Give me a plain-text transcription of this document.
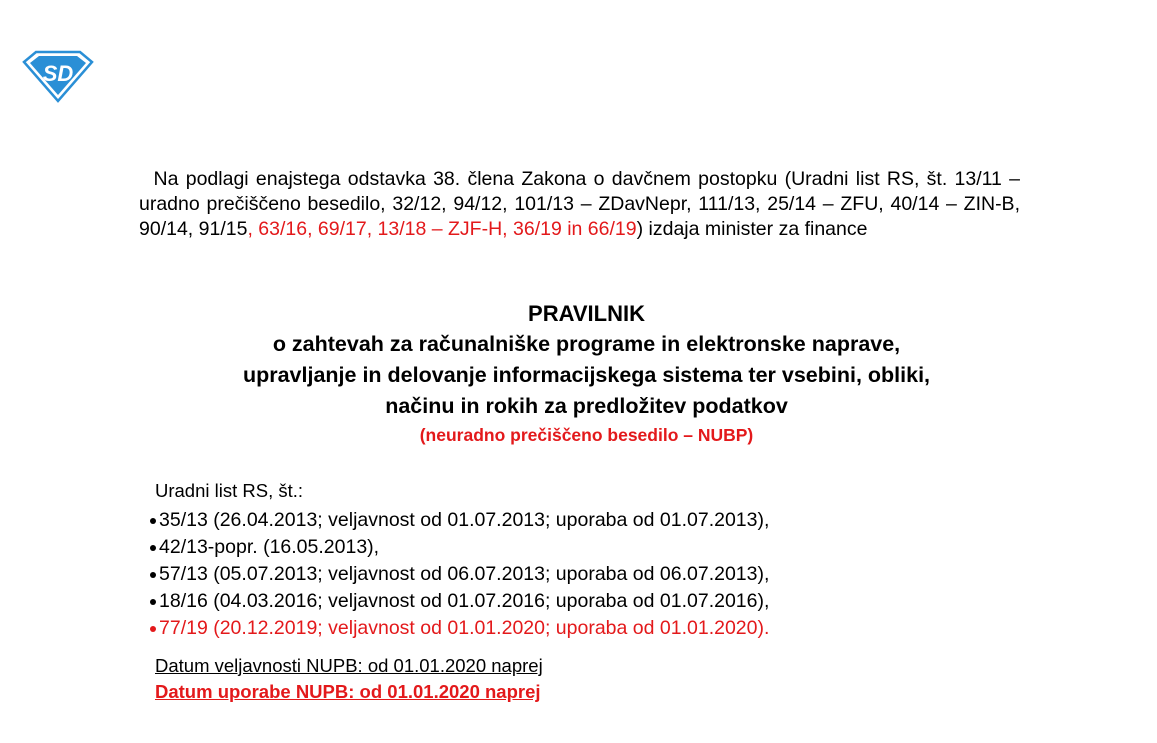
SD
Na podlagi enajstega odstavka 38. člena Zakona o davčnem postopku (Uradni list RS, št. 13/11 – uradno prečiščeno besedilo, 32/12, 94/12, 101/13 – ZDavNepr, 111/13, 25/14 – ZFU, 40/14 – ZIN-B, 90/14, 91/15, 63/16, 69/17, 13/18 – ZJF-H, 36/19 in 66/19) izdaja minister za finance
PRAVILNIK
o zahtevah za računalniške programe in elektronske naprave,
upravljanje in delovanje informacijskega sistema ter vsebini, obliki,
načinu in rokih za predložitev podatkov
(neuradno prečiščeno besedilo – NUBP)
Uradni list RS, št.:
35/13 (26.04.2013; veljavnost od 01.07.2013; uporaba od 01.07.2013),
42/13-popr. (16.05.2013),
57/13 (05.07.2013; veljavnost od 06.07.2013; uporaba od 06.07.2013),
18/16 (04.03.2016; veljavnost od 01.07.2016; uporaba od 01.07.2016),
77/19 (20.12.2019; veljavnost od 01.01.2020; uporaba od 01.01.2020).
Datum veljavnosti NUPB: od 01.01.2020 naprej
Datum uporabe NUPB: od 01.01.2020 naprej
